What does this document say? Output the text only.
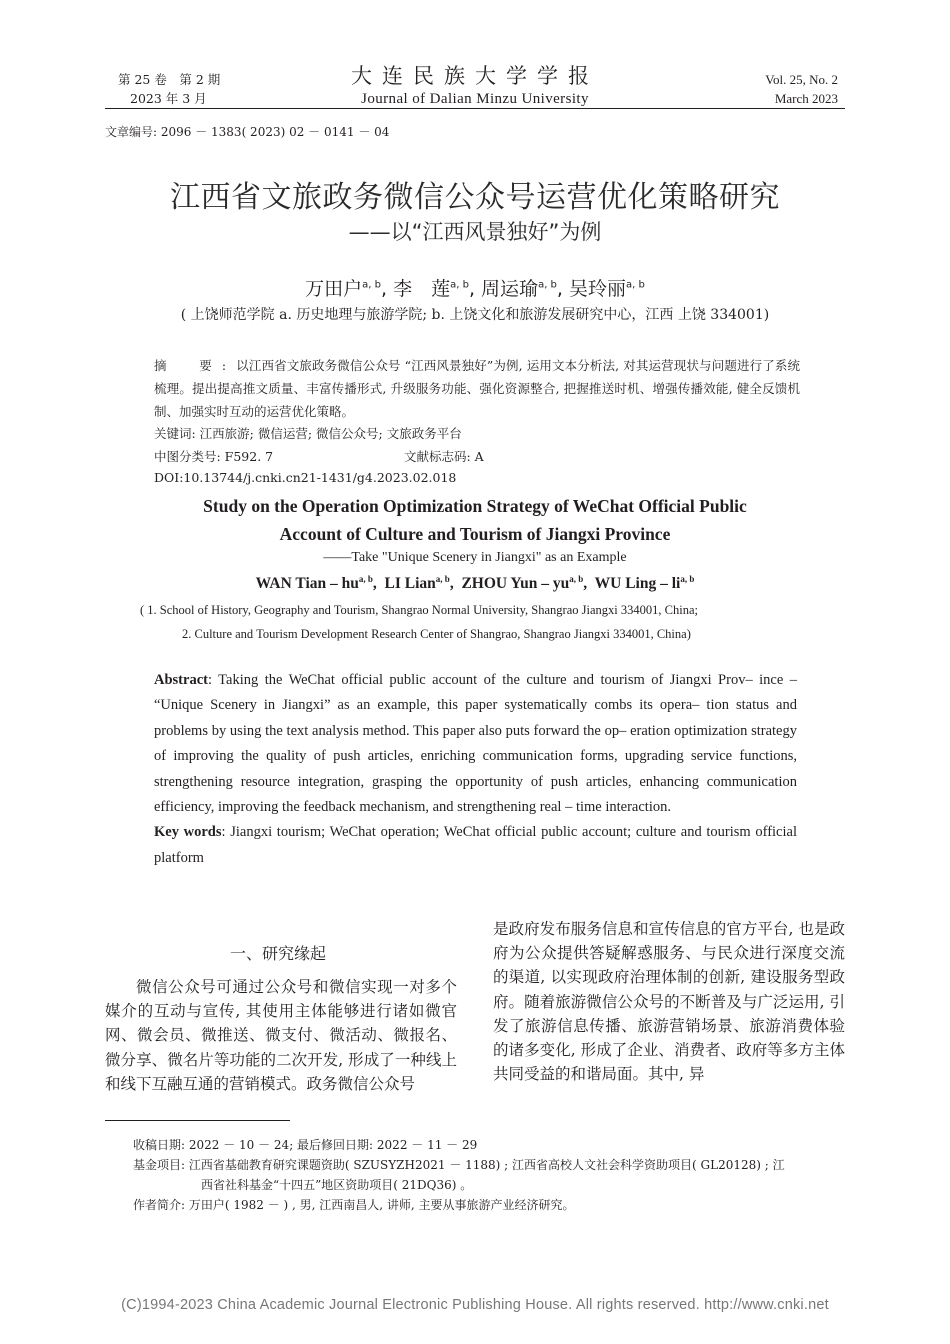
第 25 卷　第 2 期
2023 年 3 月
大连民族大学学报
Journal of Dalian Minzu University
Vol. 25, No. 2
March 2023
文章编号: 2096 － 1383( 2023) 02 － 0141 － 04
江西省文旅政务微信公众号运营优化策略研究
——以“江西风景独好”为例
万田户$^{a, b}$, 李　莲$^{a, b}$, 周运瑜$^{a, b}$, 吴玲丽$^{a, b}$
( 上饶师范学院 a. 历史地理与旅游学院; b. 上饶文化和旅游发展研究中心，江西 上饶 334001)
摘　要:以江西省文旅政务微信公众号 “江西风景独好”为例, 运用文本分析法, 对其运营现状与问题进行了系统梳理。提出提高推文质量、丰富传播形式, 升级服务功能、强化资源整合, 把握推送时机、增强传播效能, 健全反馈机制、加强实时互动的运营优化策略。
关键词: 江西旅游; 微信运营; 微信公众号; 文旅政务平台
中图分类号: F592. 7	文献标志码: A
DOI:10.13744/j.cnki.cn21-1431/g4.2023.02.018
Study on the Operation Optimization Strategy of WeChat Official Public
Account of Culture and Tourism of Jiangxi Province
——Take "Unique Scenery in Jiangxi" as an Example
WAN Tian – hu$^{a, b}$,  LI Lian$^{a, b}$,  ZHOU Yun – yu$^{a, b}$,  WU Ling – li$^{a, b}$
( 1. School of History, Geography and Tourism, Shangrao Normal University, Shangrao Jiangxi 334001, China;
2. Culture and Tourism Development Research Center of Shangrao, Shangrao Jiangxi 334001, China)
Abstract: Taking the WeChat official public account of the culture and tourism of Jiangxi Prov– ince – “Unique Scenery in Jiangxi” as an example, this paper systematically combs its opera– tion status and problems by using the text analysis method. This paper also puts forward the op– eration optimization strategy of improving the quality of push articles, enriching communication forms, upgrading service functions, strengthening resource integration, grasping the opportunity of push articles, enhancing communication efficiency, improving the feedback mechanism, and strengthening real – time interaction.
Key words: Jiangxi tourism; WeChat operation; WeChat official public account; culture and tourism official platform
一、研究缘起
微信公众号可通过公众号和微信实现一对多个媒介的互动与宣传, 其使用主体能够进行诸如微官网、微会员、微推送、微支付、微活动、微报名、微分享、微名片等功能的二次开发, 形成了一种线上和线下互融互通的营销模式。政务微信公众号
是政府发布服务信息和宣传信息的官方平台, 也是政府为公众提供答疑解惑服务、与民众进行深度交流的渠道, 以实现政府治理体制的创新, 建设服务型政府。随着旅游微信公众号的不断普及与广泛运用, 引发了旅游信息传播、旅游营销场景、旅游消费体验的诸多变化, 形成了企业、消费者、政府等多方主体共同受益的和谐局面。其中, 异
收稿日期: 2022 － 10 － 24; 最后修回日期: 2022 － 11 － 29
基金项目: 江西省基础教育研究课题资助( SZUSYZH2021 － 1188) ; 江西省高校人文社会科学资助项目( GL20128) ; 江
西省社科基金“十四五”地区资助项目( 21DQ36) 。
作者简介: 万田户( 1982 － ) , 男, 江西南昌人, 讲师, 主要从事旅游产业经济研究。
(C)1994-2023 China Academic Journal Electronic Publishing House. All rights reserved. http://www.cnki.net
